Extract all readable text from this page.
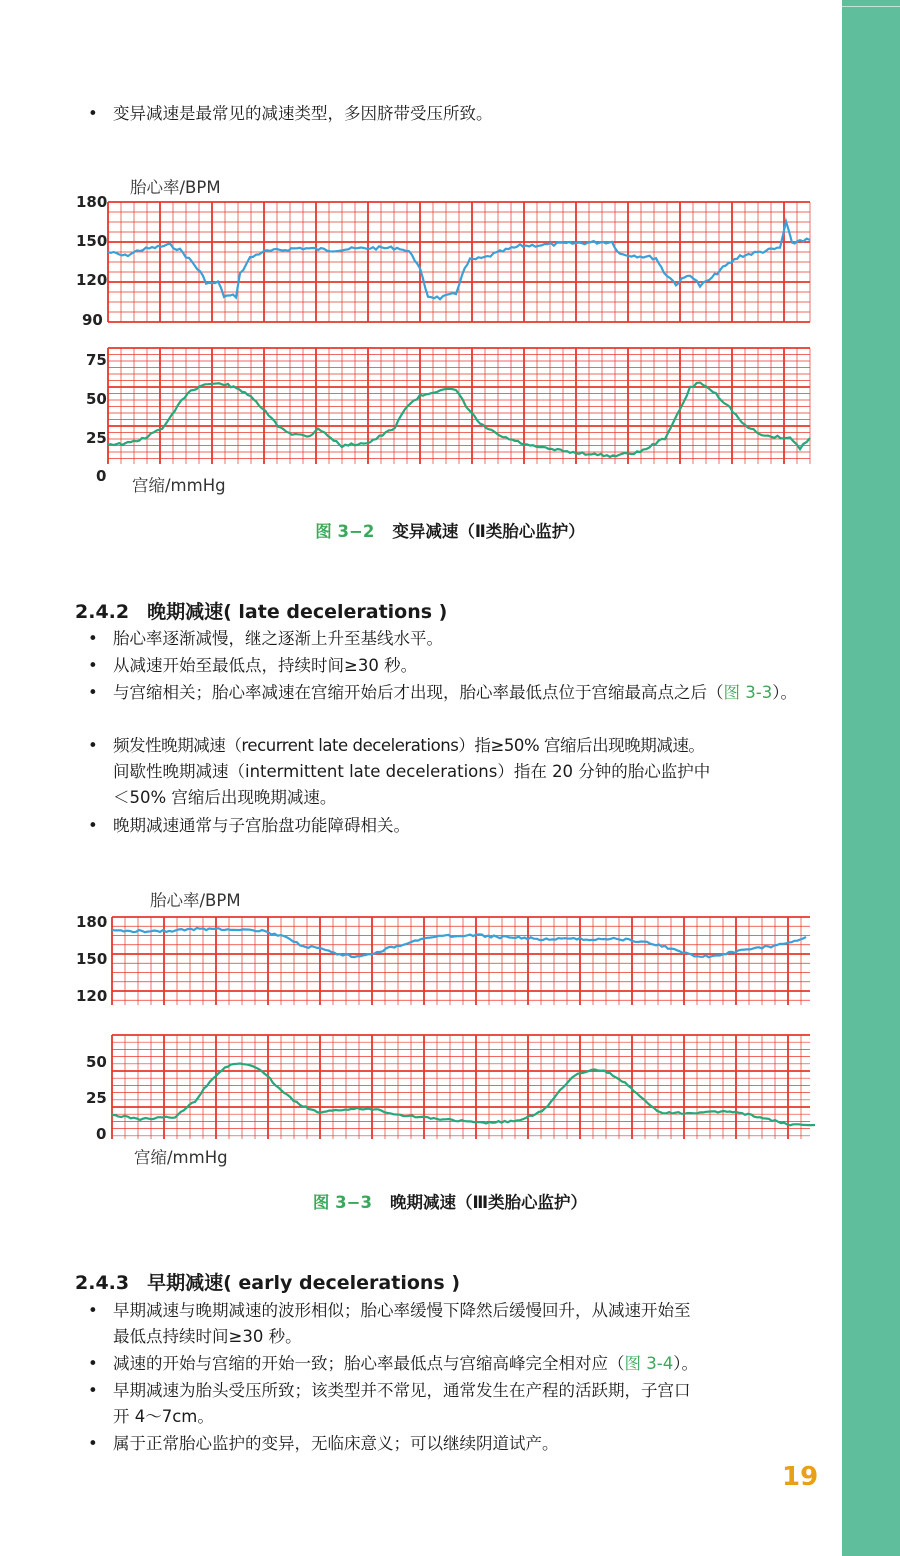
• 变异减速是最常见的减速类型，多因脐带受压所致。
胎心率/BPM
180
150
120
90
75
50
25
0 宫缩/mmHg
图 3−2 变异减速（Ⅱ类胎心监护）
2.4.2 晚期减速( late decelerations )
• 胎心率逐渐减慢，继之逐渐上升至基线水平。
• 从减速开始至最低点，持续时间≥30 秒。
• 与宫缩相关；胎心率减速在宫缩开始后才出现，胎心率最低点位于宫缩最高点之后（图 3-3）。
• 频发性晚期减速（recurrent late decelerations）指≥50% 宫缩后出现晚期减速。
间歇性晚期减速（intermittent late decelerations）指在 20 分钟的胎心监护中
＜50% 宫缩后出现晚期减速。
• 晚期减速通常与子宫胎盘功能障碍相关。
胎心率/BPM
180
150
120
50
25
0
宫缩/mmHg
图 3−3 晚期减速（Ⅲ类胎心监护）
2.4.3 早期减速( early decelerations )
• 早期减速与晚期减速的波形相似；胎心率缓慢下降然后缓慢回升，从减速开始至
最低点持续时间≥30 秒。
• 减速的开始与宫缩的开始一致；胎心率最低点与宫缩高峰完全相对应（图 3-4）。
• 早期减速为胎头受压所致；该类型并不常见，通常发生在产程的活跃期，子宫口
开 4～7cm。
• 属于正常胎心监护的变异，无临床意义；可以继续阴道试产。
19
